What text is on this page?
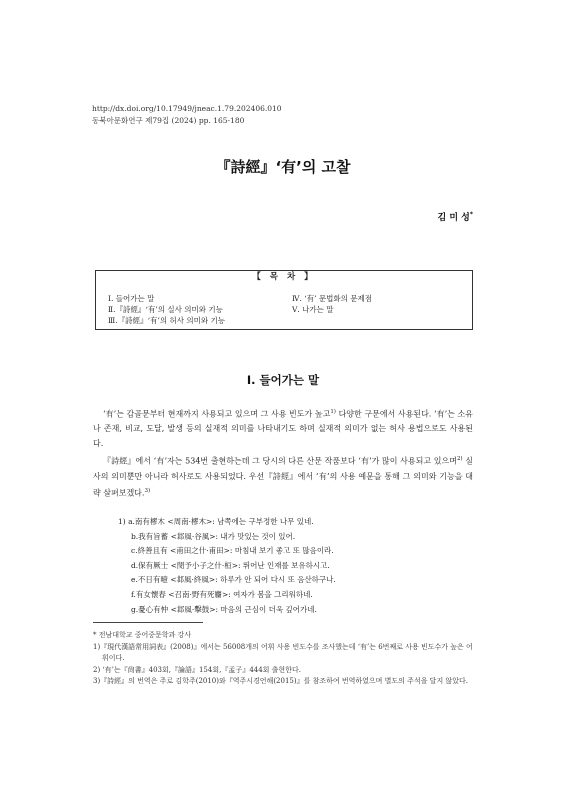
http://dx.doi.org/10.17949/jneac.1.79.202406.010
동북아문화연구 제79집 (2024) pp. 165-180
『詩經』‘有’의 고찰
김 미 성*
【 목 차 】
Ⅰ. 들어가는 말
Ⅱ.『詩經』‘有’의 실사 의미와 기능
Ⅲ.『詩經』‘有’의 허사 의미와 기능
Ⅳ. ‘有’ 문법화의 문제점
Ⅴ. 나가는 말
Ⅰ. 들어가는 말

‘有’는 갑골문부터 현재까지 사용되고 있으며 그 사용 빈도가 높고$^{1)}$ 다양한 구문에서 사용된다. ‘有’는 소유나 존재, 비교, 도달, 발생 등의 실재적 의미를 나타내기도 하며 실재적 의미가 없는 허사 용법으로도 사용된다.

『詩經』에서 ‘有’자는 534번 출현하는데 그 당시의 다른 산문 작품보다 ‘有’가 많이 사용되고 있으며$^{2)}$ 실사의 의미뿐만 아니라 허사로도 사용되었다. 우선『詩經』에서 ‘有’의 사용 예문을 통해 그 의미와 기능을 대략 살펴보겠다.$^{3)}$

1) a.南有樛木 <周南·樛木>: 남쪽에는 구부정한 나무 있네.
b.我有旨蓄 <邶風·谷風>: 내가 맛있는 것이 있어.
c.終善且有 <甫田之什·甫田>: 마침내 보기 좋고 또 많음이라.
d.保有厥士 <閔予小子之什·桓>: 뛰어난 인재를 보유하시고.
e.不日有曀 <邶風·終風>: 하루가 안 되어 다시 또 음산하구나.
f.有女懷春 <召南·野有死麕>: 여자가 봄을 그리워하네.
g.憂心有忡 <邶風·擊鼓>: 마음의 근심이 더욱 깊어가네.
* 전남대학교 중어중문학과 강사
1)『現代漢語常用詞表』(2008)』에서는 56008개의 어휘 사용 빈도수를 조사했는데 ‘有’는 6번째로 사용 빈도수가 높은 어휘이다.
2) ‘有’는『尙書』403회,『論語』154회,『孟子』444회 출현한다.
3)『詩經』의 번역은 주로 김학주(2010)와『역주시경언해(2015)』를 참조하여 번역하였으며 별도의 주석을 달지 않았다.
